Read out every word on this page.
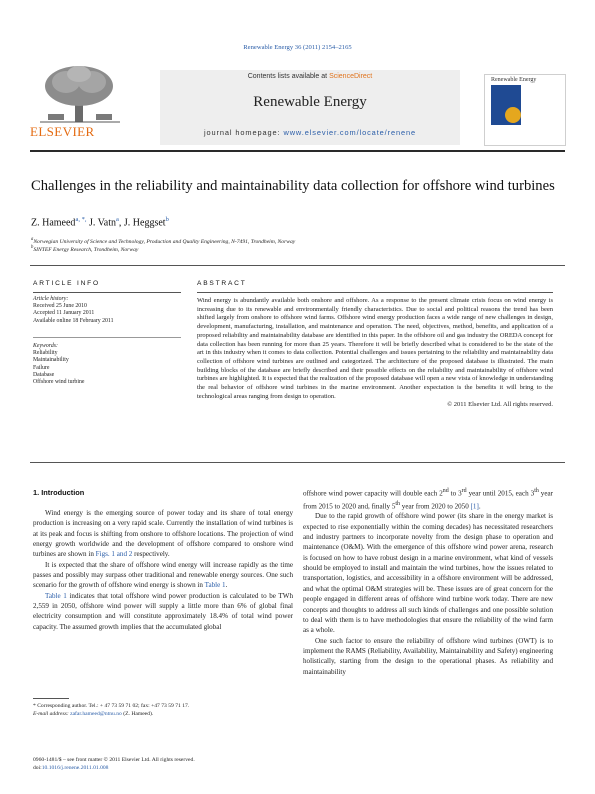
Renewable Energy 36 (2011) 2154–2165
ELSEVIER
Contents lists available at ScienceDirect
Renewable Energy
journal homepage: www.elsevier.com/locate/renene
Renewable Energy
Challenges in the reliability and maintainability data collection for offshore wind turbines
Z. Hameed$^{a, *,}$ J. Vatn$^a$, J. Heggset$^b$
$^a$Norwegian University of Science and Technology, Production and Quality Engineering, N-7491, Trondheim, Norway
$^b$SINTEF Energy Research, Trondheim, Norway
ARTICLE INFO
Article history:
Received 25 June 2010
Accepted 11 January 2011
Available online 18 February 2011
Keywords:
Reliability
Maintainability
Failure
Database
Offshore wind turbine
ABSTRACT
Wind energy is abundantly available both onshore and offshore. As a response to the present climate crisis focus on wind energy is increasing due to its renewable and environmentally friendly characteristics. Due to social and political reasons the trend has been shifted largely from onshore to offshore wind farms. Offshore wind energy production faces a wide range of new challenges in design, development, manufacturing, installation, and maintenance and operation. The need, objectives, method, benefits, and application of a proposed reliability and maintainability database are identified in this paper. In the offshore oil and gas industry the OREDA concept for data collection has been running for more than 25 years. Therefore it will be briefly described what is considered to be the state of the art in this industry when it comes to data collection. Potential challenges and issues pertaining to the reliability and maintainability data collection of offshore wind turbines are outlined and categorized. The architecture of the proposed database is illustrated. The main building blocks of the database are briefly described and their possible effects on the reliability and maintainability of offshore wind turbines are highlighted. It is expected that the realization of the proposed database will open a new vista of knowledge in understanding the real behavior of offshore wind turbines in the marine environment. Another expectation is the benefits it will bring to the technological areas ranging from design to operation.
© 2011 Elsevier Ltd. All rights reserved.
1. Introduction

Wind energy is the emerging source of power today and its share of total energy production is increasing on a very rapid scale. Currently the installation of wind turbines is at its peak and focus is shifting from onshore to offshore locations. The projection of wind energy growth worldwide and the development of offshore compared to onshore wind turbines are shown in Figs. 1 and 2 respectively.

It is expected that the share of offshore wind energy will increase rapidly as the time passes and possibly may surpass other traditional and renewable energy sources. One such scenario for the growth of offshore wind energy is shown in Table 1.

Table 1 indicates that total offshore wind power production is calculated to be TWh 2,559 in 2050, offshore wind power will supply a little more than 6% of global final electricity consumption and will constitute approximately 18.4% of total wind power capacity. The assumed growth implies that the accumulated global

offshore wind power capacity will double each 2nd to 3rd year until 2015, each 3th year from 2015 to 2020 and, finally 5th year from 2020 to 2050 [1].

Due to the rapid growth of offshore wind power (its share in the energy market is expected to rise exponentially within the coming decades) has necessitated researchers and industry partners to incorporate novelty from the design phase to operation and maintenance (O&M). With the emergence of this offshore wind power arena, research is focused on how to have robust design in a marine environment, what kind of vessels should be employed to install and maintain the wind turbines, how the issues related to transportation, logistics, and accessibility in a offshore environment will be addressed, and what the optimal O&M strategies will be. These issues are of great concern for the people engaged in different areas of offshore wind turbine work today. There are new concepts and thoughts to address all such kinds of challenges and one possible solution to deal with them is to have methodologies that ensure the reliability of the wind farm as a whole.

One such factor to ensure the reliability of offshore wind turbines (OWT) is to implement the RAMS (Reliability, Availability, Maintainability and Safety) engineering holistically, starting from the design to the operational phases. As reliability and maintainability

* Corresponding author. Tel.: + 47 73 59 71 02; fax: +47 73 59 71 17.
E-mail address: zafar.hameed@ntnu.no (Z. Hameed).
0960-1481/$ – see front matter © 2011 Elsevier Ltd. All rights reserved.
doi:10.1016/j.renene.2011.01.008
